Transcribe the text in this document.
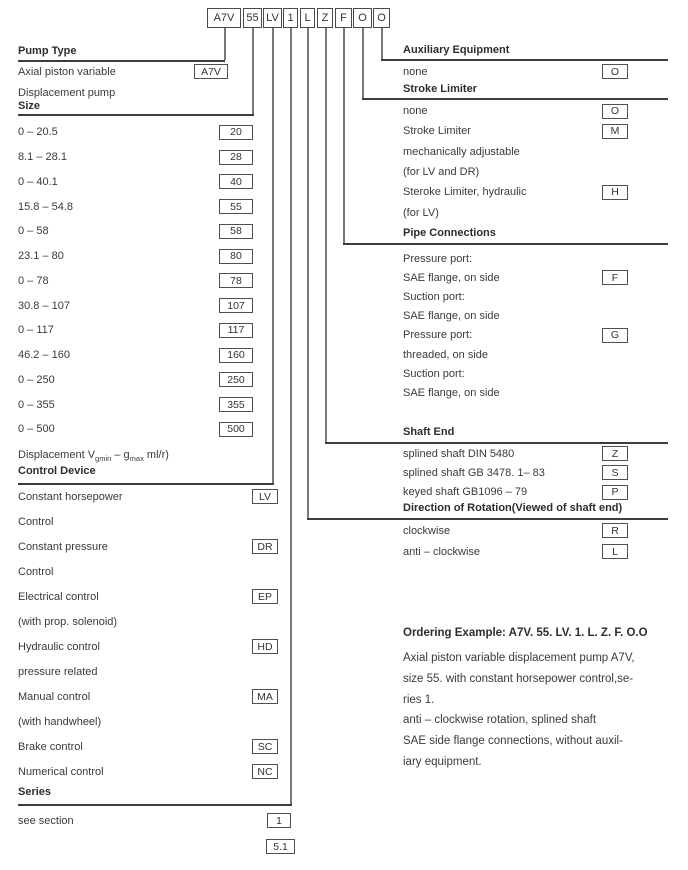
A7V	55 LV 1 L	Z	F	O O
Pump Type
Axial piston variable	A7V
Displacement pump
Size
0 – 20.5	20
8.1 – 28.1	28
0 – 40.1	40
15.8 – 54.8	55
0 – 58	58
23.1 – 80	80
0 – 78	78
30.8 – 107	107
0 – 117	117
46.2 – 160	160
0 – 250	250
0 – 355	355
0 – 500	500
Displacement $V_{gmin} - g_{max}$ ml/r)
Control Device
Constant horsepower	LV
Control
Constant pressure	DR
Control
Electrical control	EP
(with prop. solenoid)
Hydraulic control	HD
pressure related
Manual control	MA
(with handwheel)
Brake control	SC
Numerical control	NC
Series
see section	1
5.1
Auxiliary Equipment
none	O
Stroke Limiter
none	O
Stroke Limiter	M
mechanically adjustable
(for LV and DR)
Steroke Limiter, hydraulic	H
(for LV)
Pipe Connections
Pressure port:
SAE flange, on side	F
Suction port:
SAE flange, on side
Pressure port:	G
threaded, on side
Suction port:
SAE flange, on side
Shaft End
splined shaft DIN 5480	Z
splined shaft GB 3478. 1– 83	S
keyed shaft GB1096 – 79	P
Direction of Rotation(Viewed of shaft end)
clockwise	R
anti – clockwise	L
Ordering Example: A7V. 55. LV. 1. L. Z. F. O.O
Axial piston variable displacement pump A7V,
size 55. with constant horsepower control,se-
ries 1.
anti – clockwise rotation, splined shaft
SAE side flange connections, without auxil-
iary equipment.
